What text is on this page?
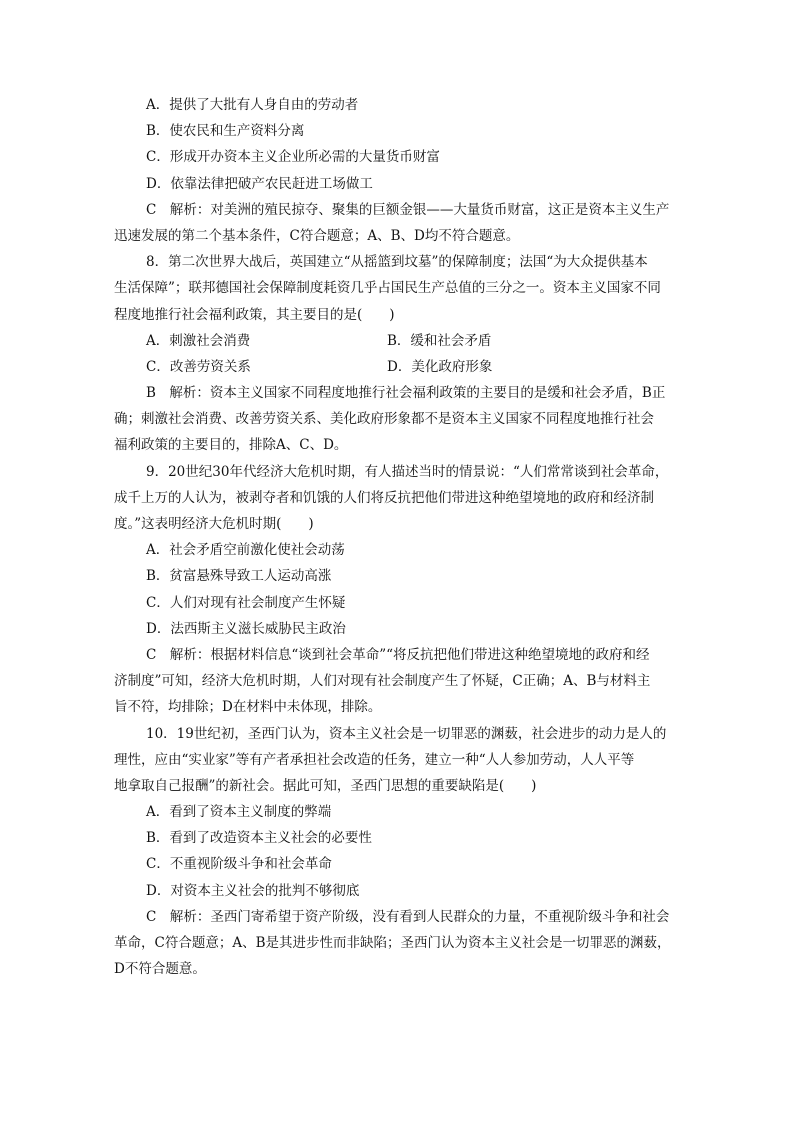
A．提供了大批有人身自由的劳动者
B．使农民和生产资料分离
C．形成开办资本主义企业所必需的大量货币财富
D．依靠法律把破产农民赶进工场做工
C　解析：对美洲的殖民掠夺、聚集的巨额金银——大量货币财富，这正是资本主义生产
迅速发展的第二个基本条件，C符合题意；A、B、D均不符合题意。
8．第二次世界大战后，英国建立“从摇篮到坟墓”的保障制度；法国“为大众提供基本
生活保障”；联邦德国社会保障制度耗资几乎占国民生产总值的三分之一。资本主义国家不同
程度地推行社会福利政策，其主要目的是(　　)
A．刺激社会消费	B．缓和社会矛盾
C．改善劳资关系	D．美化政府形象
B　解析：资本主义国家不同程度地推行社会福利政策的主要目的是缓和社会矛盾，B正
确；刺激社会消费、改善劳资关系、美化政府形象都不是资本主义国家不同程度地推行社会
福利政策的主要目的，排除A、C、D。
9．20世纪30年代经济大危机时期，有人描述当时的情景说：“人们常常谈到社会革命，
成千上万的人认为，被剥夺者和饥饿的人们将反抗把他们带进这种绝望境地的政府和经济制
度。”这表明经济大危机时期(　　)
A．社会矛盾空前激化使社会动荡
B．贫富悬殊导致工人运动高涨
C．人们对现有社会制度产生怀疑
D．法西斯主义滋长威胁民主政治
C　解析：根据材料信息“谈到社会革命”“将反抗把他们带进这种绝望境地的政府和经
济制度”可知，经济大危机时期，人们对现有社会制度产生了怀疑，C正确；A、B与材料主
旨不符，均排除；D在材料中未体现，排除。
10．19世纪初，圣西门认为，资本主义社会是一切罪恶的渊薮，社会进步的动力是人的
理性，应由“实业家”等有产者承担社会改造的任务，建立一种“人人参加劳动，人人平等
地拿取自己报酬”的新社会。据此可知，圣西门思想的重要缺陷是(　　)
A．看到了资本主义制度的弊端
B．看到了改造资本主义社会的必要性
C．不重视阶级斗争和社会革命
D．对资本主义社会的批判不够彻底
C　解析：圣西门寄希望于资产阶级，没有看到人民群众的力量，不重视阶级斗争和社会
革命，C符合题意；A、B是其进步性而非缺陷；圣西门认为资本主义社会是一切罪恶的渊薮，
D不符合题意。
